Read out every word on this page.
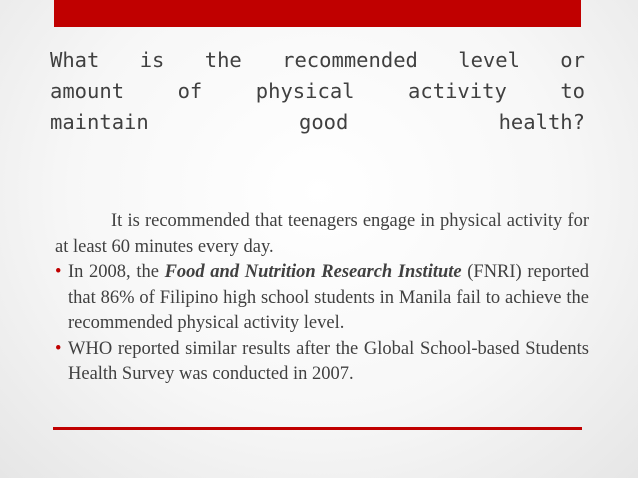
What is the recommended level or
amount	of	physical	activity	to
maintain	good	health?

It is recommended that teenagers engage in physical activity for at least 60 minutes every day.

• In 2008, the Food and Nutrition Research Institute (FNRI) reported that 86% of Filipino high school students in Manila fail to achieve the recommended physical activity level.

• WHO reported similar results after the Global School-based Students Health Survey was conducted in 2007.
